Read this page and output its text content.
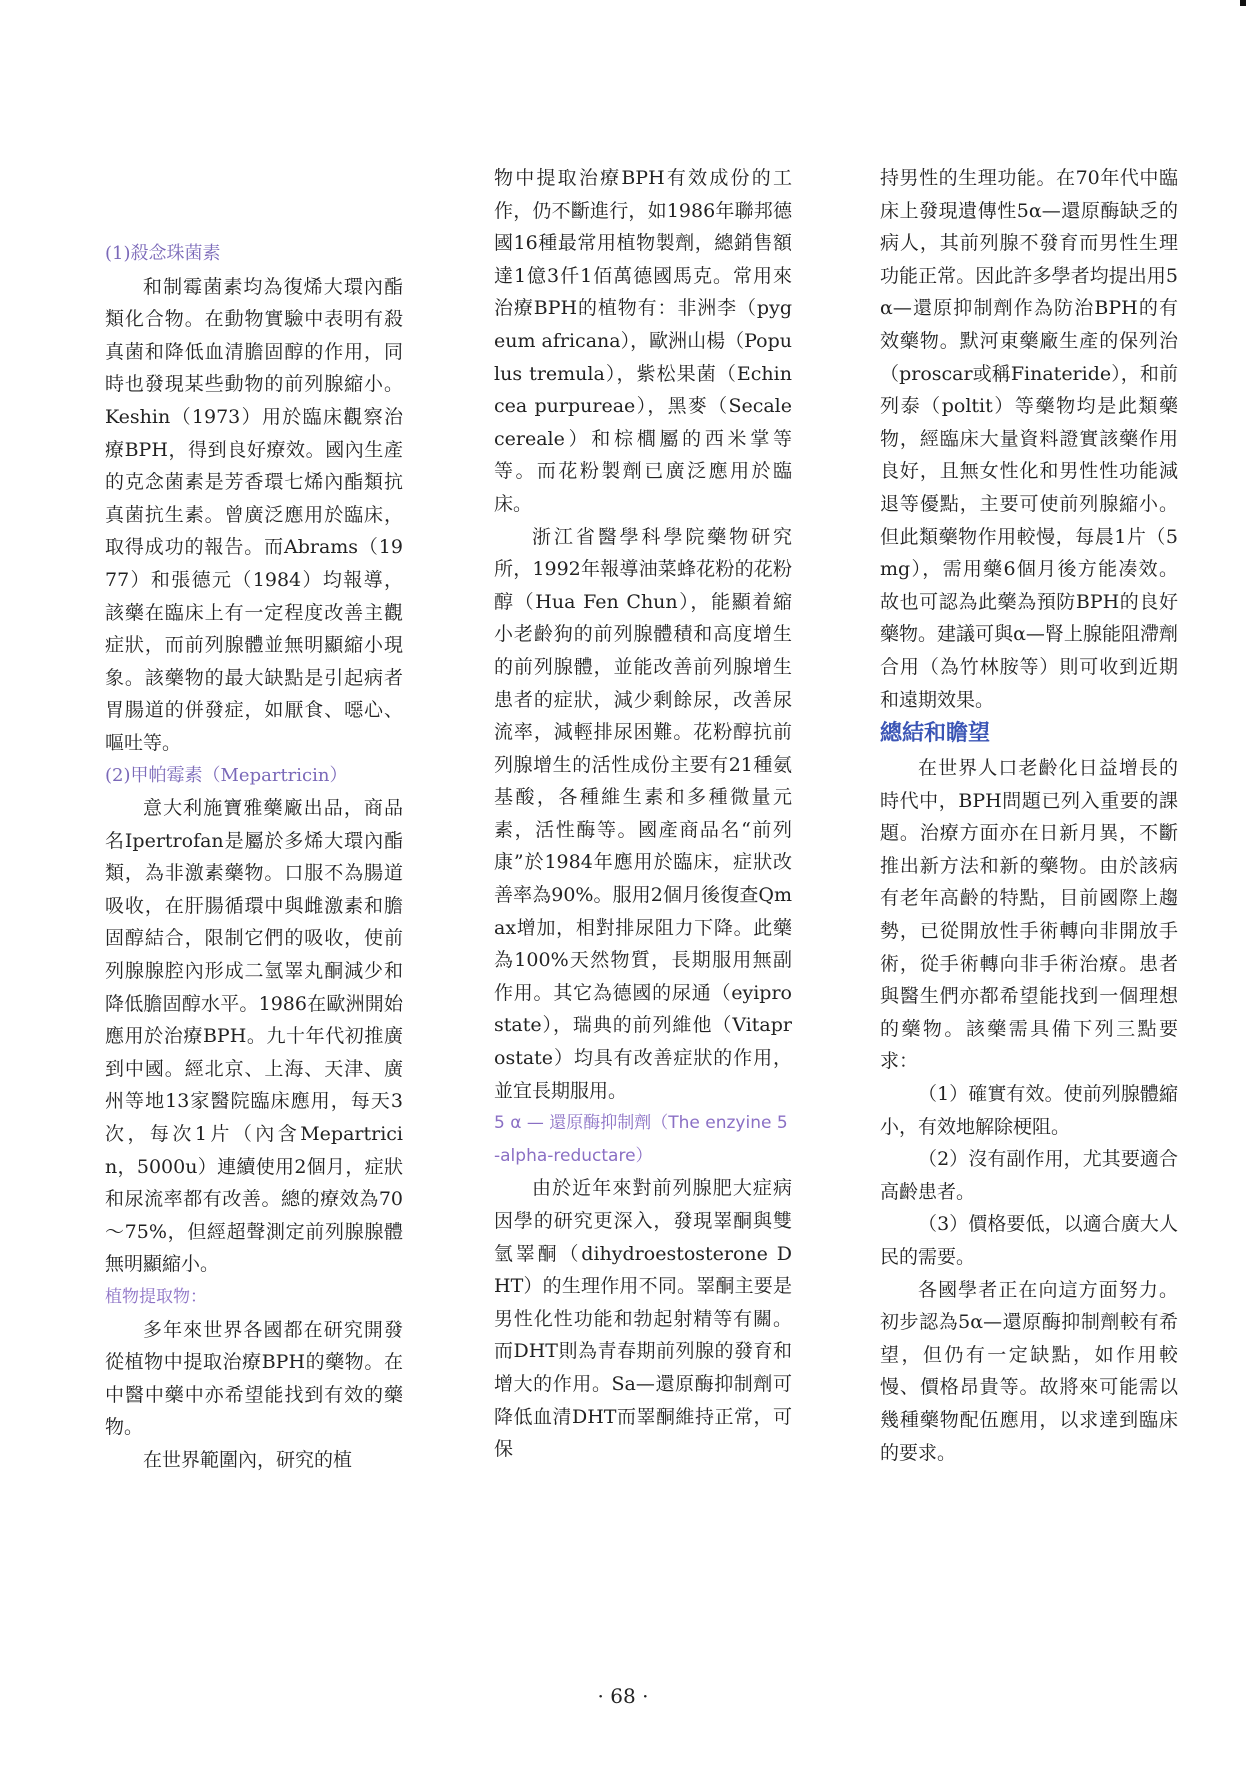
(1)殺念珠菌素

和制霉菌素均為復烯大環內酯類化合物。在動物實驗中表明有殺真菌和降低血清膽固醇的作用，同時也發現某些動物的前列腺縮小。Keshin（1973）用於臨床觀察治療BPH，得到良好療效。國內生產的克念菌素是芳香環七烯內酯類抗真菌抗生素。曾廣泛應用於臨床，取得成功的報告。而Abrams（1977）和張德元（1984）均報導，該藥在臨床上有一定程度改善主觀症狀，而前列腺體並無明顯縮小現象。該藥物的最大缺點是引起病者胃腸道的併發症，如厭食、噁心、嘔吐等。

(2)甲帕霉素（Mepartricin）

意大利施寶雅藥廠出品，商品名Ipertrofan是屬於多烯大環內酯類，為非激素藥物。口服不為腸道吸收，在肝腸循環中與雌激素和膽固醇結合，限制它們的吸收，使前列腺腺腔內形成二氫睪丸酮減少和降低膽固醇水平。1986在歐洲開始應用於治療BPH。九十年代初推廣到中國。經北京、上海、天津、廣州等地13家醫院臨床應用，每天3次，每次1片（內含Mepartricin，5000u）連續使用2個月，症狀和尿流率都有改善。總的療效為70～75%，但經超聲測定前列腺腺體無明顯縮小。

植物提取物：

多年來世界各國都在研究開發從植物中提取治療BPH的藥物。在中醫中藥中亦希望能找到有效的藥物。

在世界範圍內，研究的植

物中提取治療BPH有效成份的工作，仍不斷進行，如1986年聯邦德國16種最常用植物製劑，總銷售額達1億3仟1佰萬德國馬克。常用來治療BPH的植物有：非洲李（pygeum africana），歐洲山楊（Populus tremula），紫松果菌（Echincea purpureae），黑麥（Secale cereale）和棕櫚屬的西米掌等等。而花粉製劑已廣泛應用於臨床。

浙江省醫學科學院藥物研究所，1992年報導油菜蜂花粉的花粉醇（Hua Fen Chun），能顯着縮小老齡狗的前列腺體積和高度增生的前列腺體，並能改善前列腺增生患者的症狀，減少剩餘尿，改善尿流率，減輕排尿困難。花粉醇抗前列腺增生的活性成份主要有21種氨基酸，各種維生素和多種微量元素，活性酶等。國產商品名“前列康”於1984年應用於臨床，症狀改善率為90%。服用2個月後復查Qmax增加，相對排尿阻力下降。此藥為100%天然物質，長期服用無副作用。其它為德國的尿通（eyiprostate），瑞典的前列維他（Vitaprostate）均具有改善症狀的作用，並宜長期服用。

5 α — 還原酶抑制劑（The enzyine 5-alpha-reductare）

由於近年來對前列腺肥大症病因學的研究更深入，發現睪酮與雙氫睪酮（dihydroestosterone DHT）的生理作用不同。睪酮主要是男性化性功能和勃起射精等有關。而DHT則為青春期前列腺的發育和增大的作用。Sa—還原酶抑制劑可降低血清DHT而睪酮維持正常，可保

持男性的生理功能。在70年代中臨床上發現遺傳性5α—還原酶缺乏的病人，其前列腺不發育而男性生理功能正常。因此許多學者均提出用5α—還原抑制劑作為防治BPH的有效藥物。默河東藥廠生產的保列治（proscar或稱Finateride），和前列泰（poltit）等藥物均是此類藥物，經臨床大量資料證實該藥作用良好，且無女性化和男性性功能減退等優點，主要可使前列腺縮小。但此類藥物作用較慢，每晨1片（5mg），需用藥6個月後方能凑效。故也可認為此藥為預防BPH的良好藥物。建議可與α—腎上腺能阻滯劑合用（為竹林胺等）則可收到近期和遠期效果。

總結和瞻望

在世界人口老齡化日益增長的時代中，BPH問題已列入重要的課題。治療方面亦在日新月異，不斷推出新方法和新的藥物。由於該病有老年高齡的特點，目前國際上趨勢，已從開放性手術轉向非開放手術，從手術轉向非手術治療。患者與醫生們亦都希望能找到一個理想的藥物。該藥需具備下列三點要求：

（1）確實有效。使前列腺體縮小，有效地解除梗阻。

（2）沒有副作用，尤其要適合高齡患者。

（3）價格要低，以適合廣大人民的需要。

各國學者正在向這方面努力。初步認為5α—還原酶抑制劑較有希望，但仍有一定缺點，如作用較慢、價格昂貴等。故將來可能需以幾種藥物配伍應用，以求達到臨床的要求。

· 68 ·
